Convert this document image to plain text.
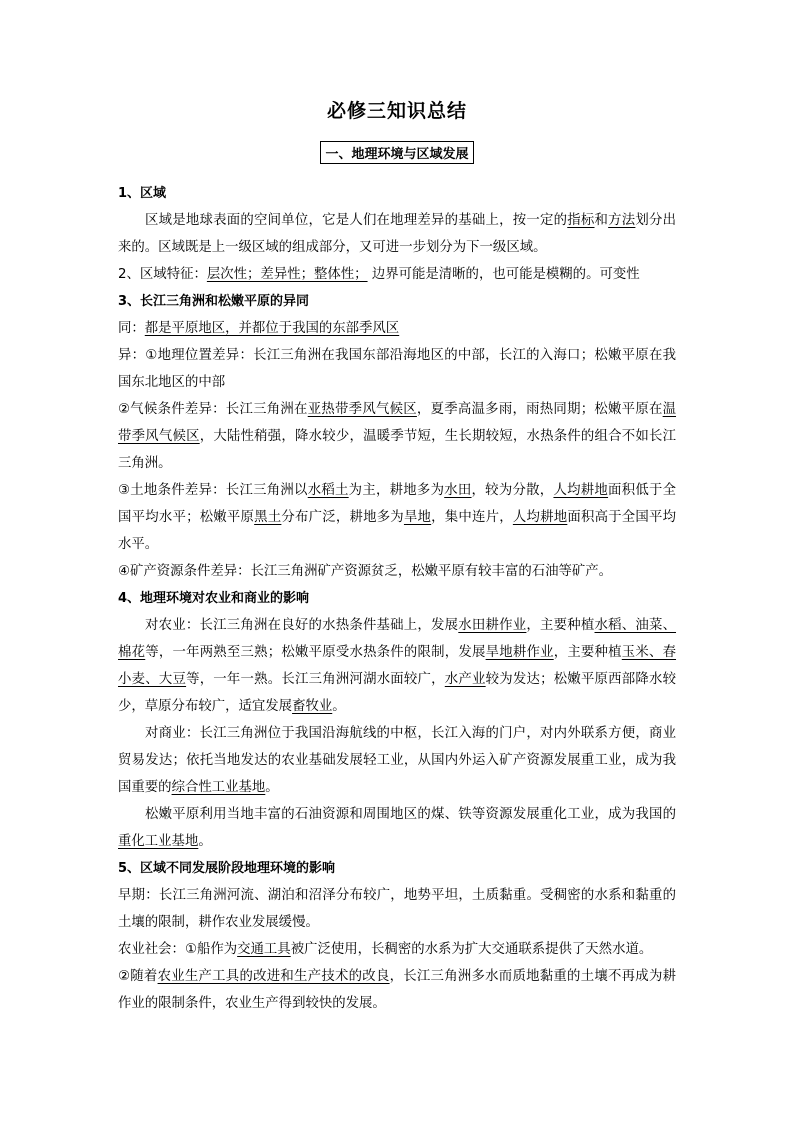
必修三知识总结
一、地理环境与区域发展
1、区域
区域是地球表面的空间单位，它是人们在地理差异的基础上，按一定的指标和方法划分出来的。区域既是上一级区域的组成部分，又可进一步划分为下一级区域。
2、区域特征：层次性；差异性；整体性； 边界可能是清晰的，也可能是模糊的。可变性
3、长江三角洲和松嫩平原的异同
同：都是平原地区，并都位于我国的东部季风区
异：①地理位置差异：长江三角洲在我国东部沿海地区的中部，长江的入海口；松嫩平原在我国东北地区的中部
②气候条件差异：长江三角洲在亚热带季风气候区，夏季高温多雨，雨热同期；松嫩平原在温带季风气候区，大陆性稍强，降水较少，温暖季节短，生长期较短，水热条件的组合不如长江三角洲。
③土地条件差异：长江三角洲以水稻土为主，耕地多为水田，较为分散，人均耕地面积低于全国平均水平；松嫩平原黑土分布广泛，耕地多为旱地，集中连片，人均耕地面积高于全国平均水平。
④矿产资源条件差异：长江三角洲矿产资源贫乏，松嫩平原有较丰富的石油等矿产。
4、地理环境对农业和商业的影响
对农业：长江三角洲在良好的水热条件基础上，发展水田耕作业，主要种植水稻、油菜、棉花等，一年两熟至三熟；松嫩平原受水热条件的限制，发展旱地耕作业，主要种植玉米、春小麦、大豆等，一年一熟。长江三角洲河湖水面较广，水产业较为发达；松嫩平原西部降水较少，草原分布较广，适宜发展畜牧业。
对商业：长江三角洲位于我国沿海航线的中枢，长江入海的门户，对内外联系方便，商业贸易发达；依托当地发达的农业基础发展轻工业，从国内外运入矿产资源发展重工业，成为我国重要的综合性工业基地。
松嫩平原利用当地丰富的石油资源和周围地区的煤、铁等资源发展重化工业，成为我国的重化工业基地。
5、区域不同发展阶段地理环境的影响
早期：长江三角洲河流、湖泊和沼泽分布较广，地势平坦，土质黏重。受稠密的水系和黏重的土壤的限制，耕作农业发展缓慢。
农业社会：①船作为交通工具被广泛使用，长稠密的水系为扩大交通联系提供了天然水道。
②随着农业生产工具的改进和生产技术的改良，长江三角洲多水而质地黏重的土壤不再成为耕作业的限制条件，农业生产得到较快的发展。
